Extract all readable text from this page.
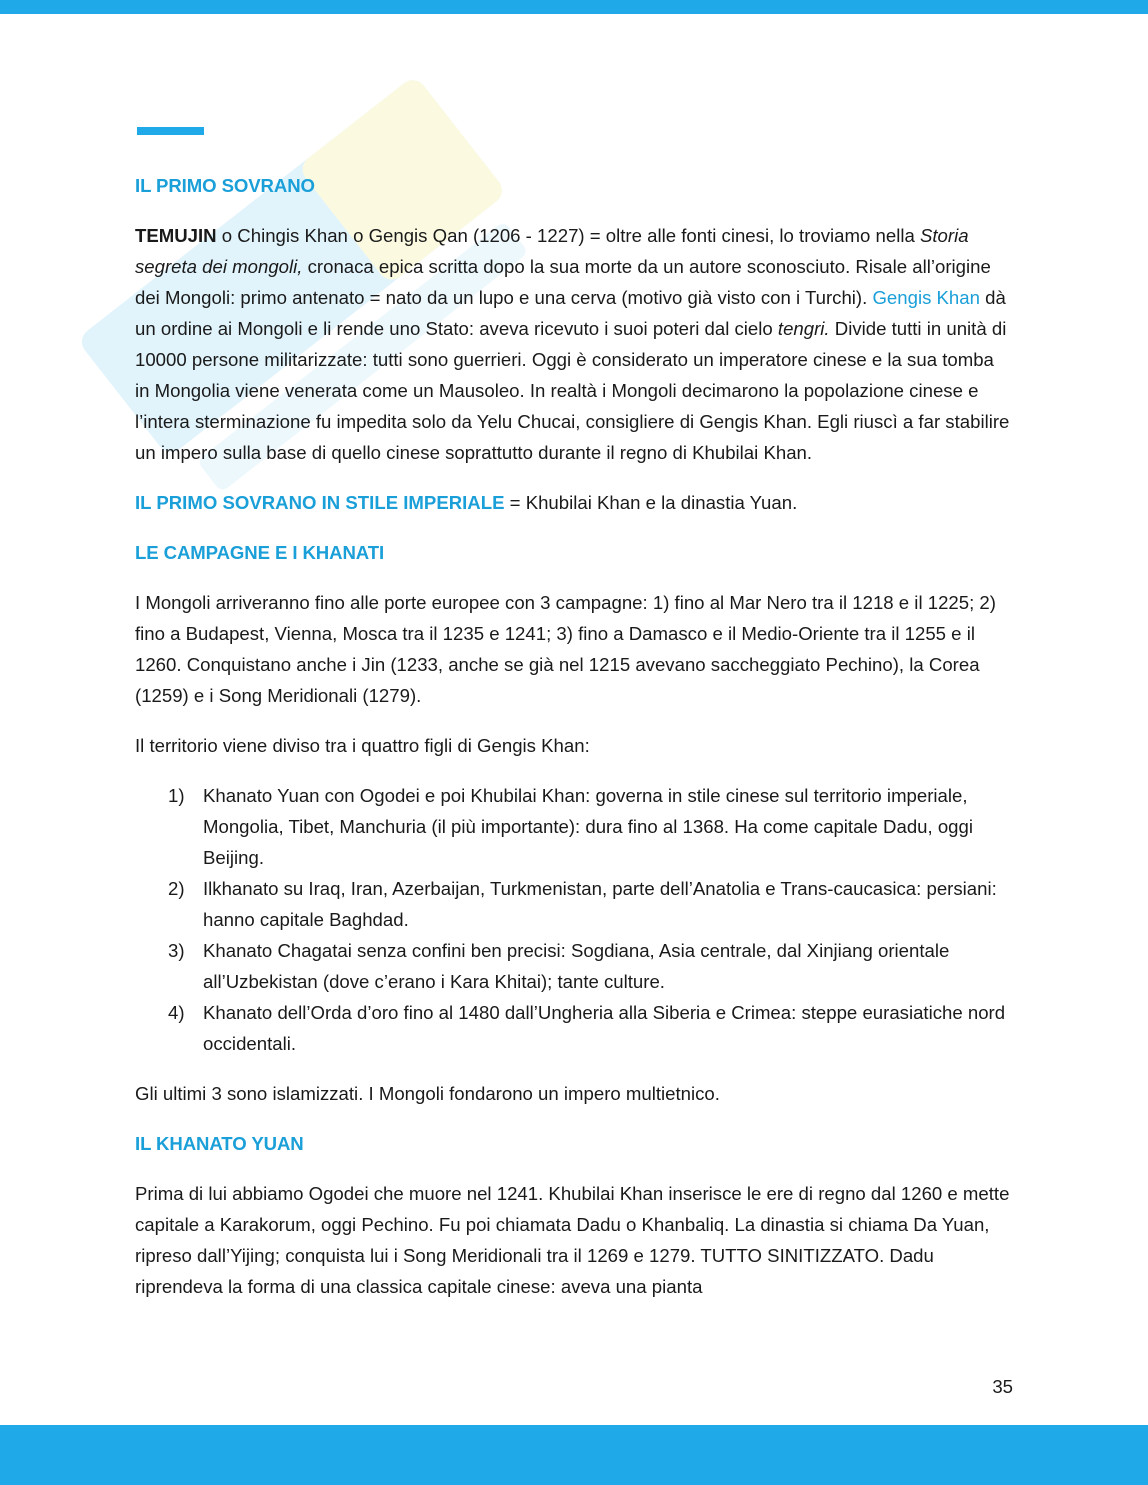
IL PRIMO SOVRANO

TEMUJIN o Chingis Khan o Gengis Qan (1206 - 1227) = oltre alle fonti cinesi, lo troviamo nella Storia segreta dei mongoli, cronaca epica scritta dopo la sua morte da un autore sconosciuto. Risale all’origine dei Mongoli: primo antenato = nato da un lupo e una cerva (motivo già visto con i Turchi). Gengis Khan dà un ordine ai Mongoli e li rende uno Stato: aveva ricevuto i suoi poteri dal cielo tengri. Divide tutti in unità di 10000 persone militarizzate: tutti sono guerrieri. Oggi è considerato un imperatore cinese e la sua tomba in Mongolia viene venerata come un Mausoleo. In realtà i Mongoli decimarono la popolazione cinese e l’intera sterminazione fu impedita solo da Yelu Chucai, consigliere di Gengis Khan. Egli riuscì a far stabilire un impero sulla base di quello cinese soprattutto durante il regno di Khubilai Khan.

IL PRIMO SOVRANO IN STILE IMPERIALE = Khubilai Khan e la dinastia Yuan.

LE CAMPAGNE E I KHANATI

I Mongoli arriveranno fino alle porte europee con 3 campagne: 1) fino al Mar Nero tra il 1218 e il 1225; 2) fino a Budapest, Vienna, Mosca tra il 1235 e 1241; 3) fino a Damasco e il Medio-Oriente tra il 1255 e il 1260. Conquistano anche i Jin (1233, anche se già nel 1215 avevano saccheggiato Pechino), la Corea (1259) e i Song Meridionali (1279).

Il territorio viene diviso tra i quattro figli di Gengis Khan:

1) Khanato Yuan con Ogodei e poi Khubilai Khan: governa in stile cinese sul territorio imperiale, Mongolia, Tibet, Manchuria (il più importante): dura fino al 1368. Ha come capitale Dadu, oggi Beijing.
2) Ilkhanato su Iraq, Iran, Azerbaijan, Turkmenistan, parte dell’Anatolia e Trans-caucasica: persiani: hanno capitale Baghdad.
3) Khanato Chagatai senza confini ben precisi: Sogdiana, Asia centrale, dal Xinjiang orientale all’Uzbekistan (dove c’erano i Kara Khitai); tante culture.
4) Khanato dell’Orda d’oro fino al 1480 dall’Ungheria alla Siberia e Crimea: steppe eurasiatiche nord occidentali.

Gli ultimi 3 sono islamizzati. I Mongoli fondarono un impero multietnico.

IL KHANATO YUAN

Prima di lui abbiamo Ogodei che muore nel 1241. Khubilai Khan inserisce le ere di regno dal 1260 e mette capitale a Karakorum, oggi Pechino. Fu poi chiamata Dadu o Khanbaliq. La dinastia si chiama Da Yuan, ripreso dall’Yijing; conquista lui i Song Meridionali tra il 1269 e 1279. TUTTO SINITIZZATO. Dadu riprendeva la forma di una classica capitale cinese: aveva una pianta

35
